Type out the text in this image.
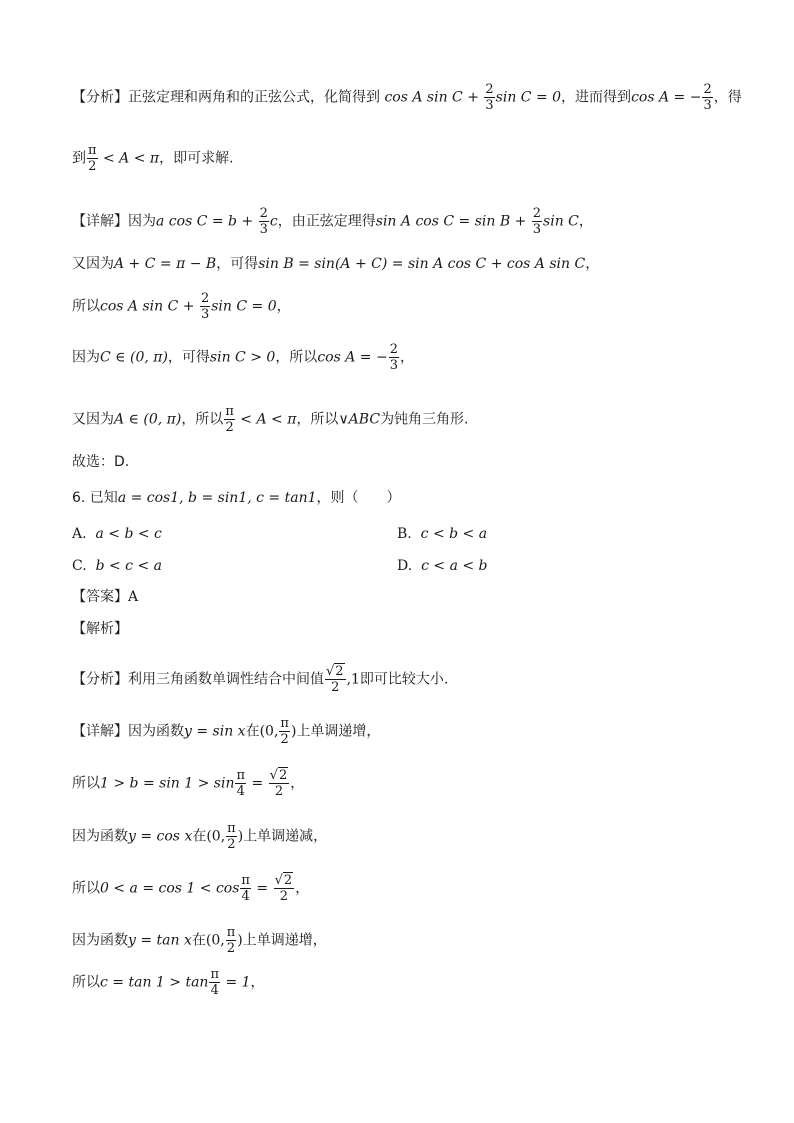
【分析】正弦定理和两角和的正弦公式，化简得到 cos A $\sin C + \frac{2}{3}$ sin C = 0，进而得到cos A = − $\frac{2}{3}$ ，得
到 $\frac{\pi}{2} < A < \pi$，即可求解.
【详解】因为a $\cos C = b + \frac{2}{3}$ c，由正弦定理得sin A $\cos C = \sin B + \frac{2}{3}$ sin C，
又因为A + C = π − B，可得sin B = sin(A + C) = sin A cos C + cos A sin C，
所以cos A $\sin C + \frac{2}{3}$ sin C = 0，
因为C ∈ (0, π)，可得sin C > 0，所以cos A = − $\frac{2}{3}$ ，
又因为A ∈ (0, π)，所以 $\frac{\pi}{2} < A < \pi$，所以∨ABC为钝角三角形.
故选：D.
6. 已知a = cos1, b = sin1, c = tan1，则（　　）
A. a < b < c	B. c < b < a
C. b < c < a	D. c < a < b
【答案】A
【解析】
【分析】利用三角函数单调性结合中间值 $\frac{√2}{2} ,1$即可比较大小.
【详解】因为函数y = sin x在(0, $\frac{\pi}{2}$ )上单调递增，
所以$1 > b = \sin 1 > \sin \frac{\pi}{4} = \frac{√2}{2}$ ，
因为函数y = cos x在(0, $\frac{\pi}{2}$ )上单调递减，
所以$0 < a = \cos 1 < \cos \frac{\pi}{4} = \frac{√2}{2}$ ，
因为函数y = tan x在(0, $\frac{\pi}{2}$ )上单调递增，
所以$c = \tan 1 > \tan \frac{\pi}{4} = 1$，
